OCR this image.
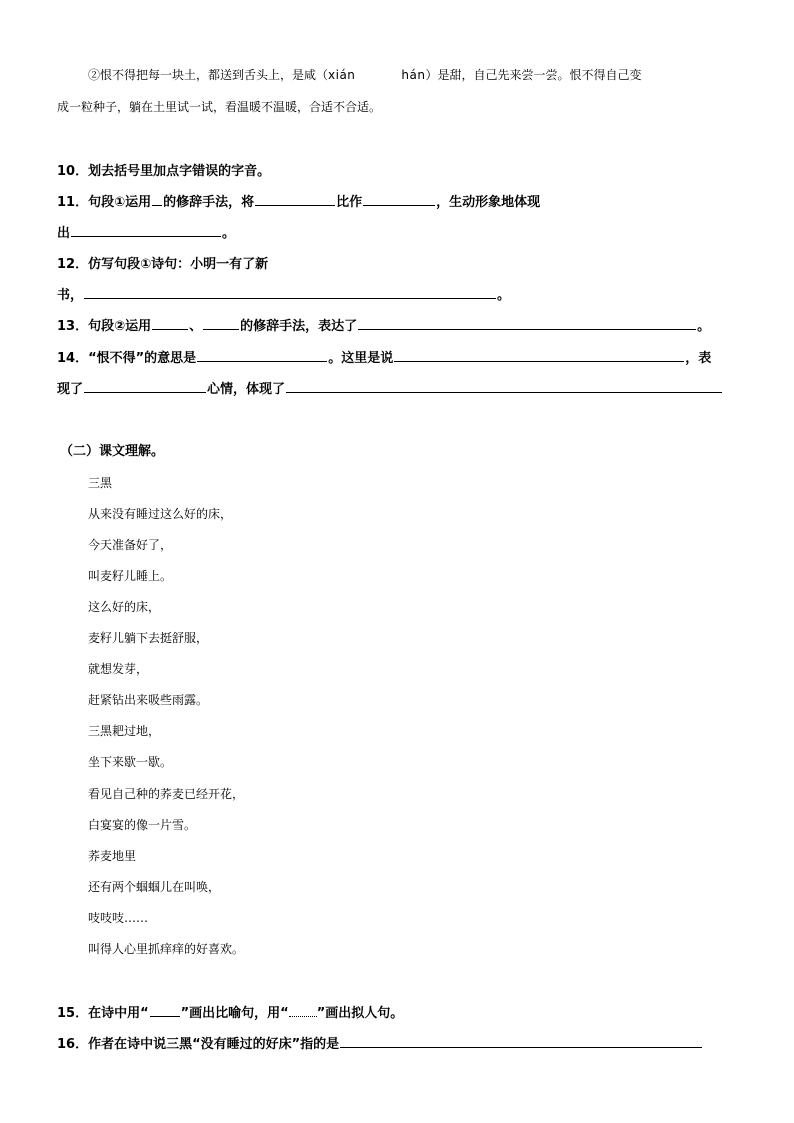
②恨不得把每一块土，都送到舌头上，是咸（xián	hán）是甜，自己先来尝一尝。恨不得自己变
成一粒种子，躺在土里试一试，看温暖不温暖，合适不合适。
10．划去括号里加点字错误的字音。
11．句段①运用 的修辞手法，将	比作	，生动形象地体现
出	。
12．仿写句段①诗句：小明一有了新
书，	。
13．句段②运用	、	的修辞手法，表达了	。
14．“恨不得”的意思是	。这里是说	，表
现了	心情，体现了
（二）课文理解。
三黑
从来没有睡过这么好的床，
今天准备好了，
叫麦籽儿睡上。
这么好的床，
麦籽儿躺下去挺舒服，
就想发芽，
赶紧钻出来吸些雨露。
三黑耙过地，
坐下来歇一歇。
看见自己种的荞麦已经开花，
白宴宴的像一片雪。
荞麦地里
还有两个蝈蝈儿在叫唤，
吱吱吱……
叫得人心里抓痒痒的好喜欢。
15．在诗中用“ ”画出比喻句，用“ ”画出拟人句。
16．作者在诗中说三黑“没有睡过的好床”指的是
